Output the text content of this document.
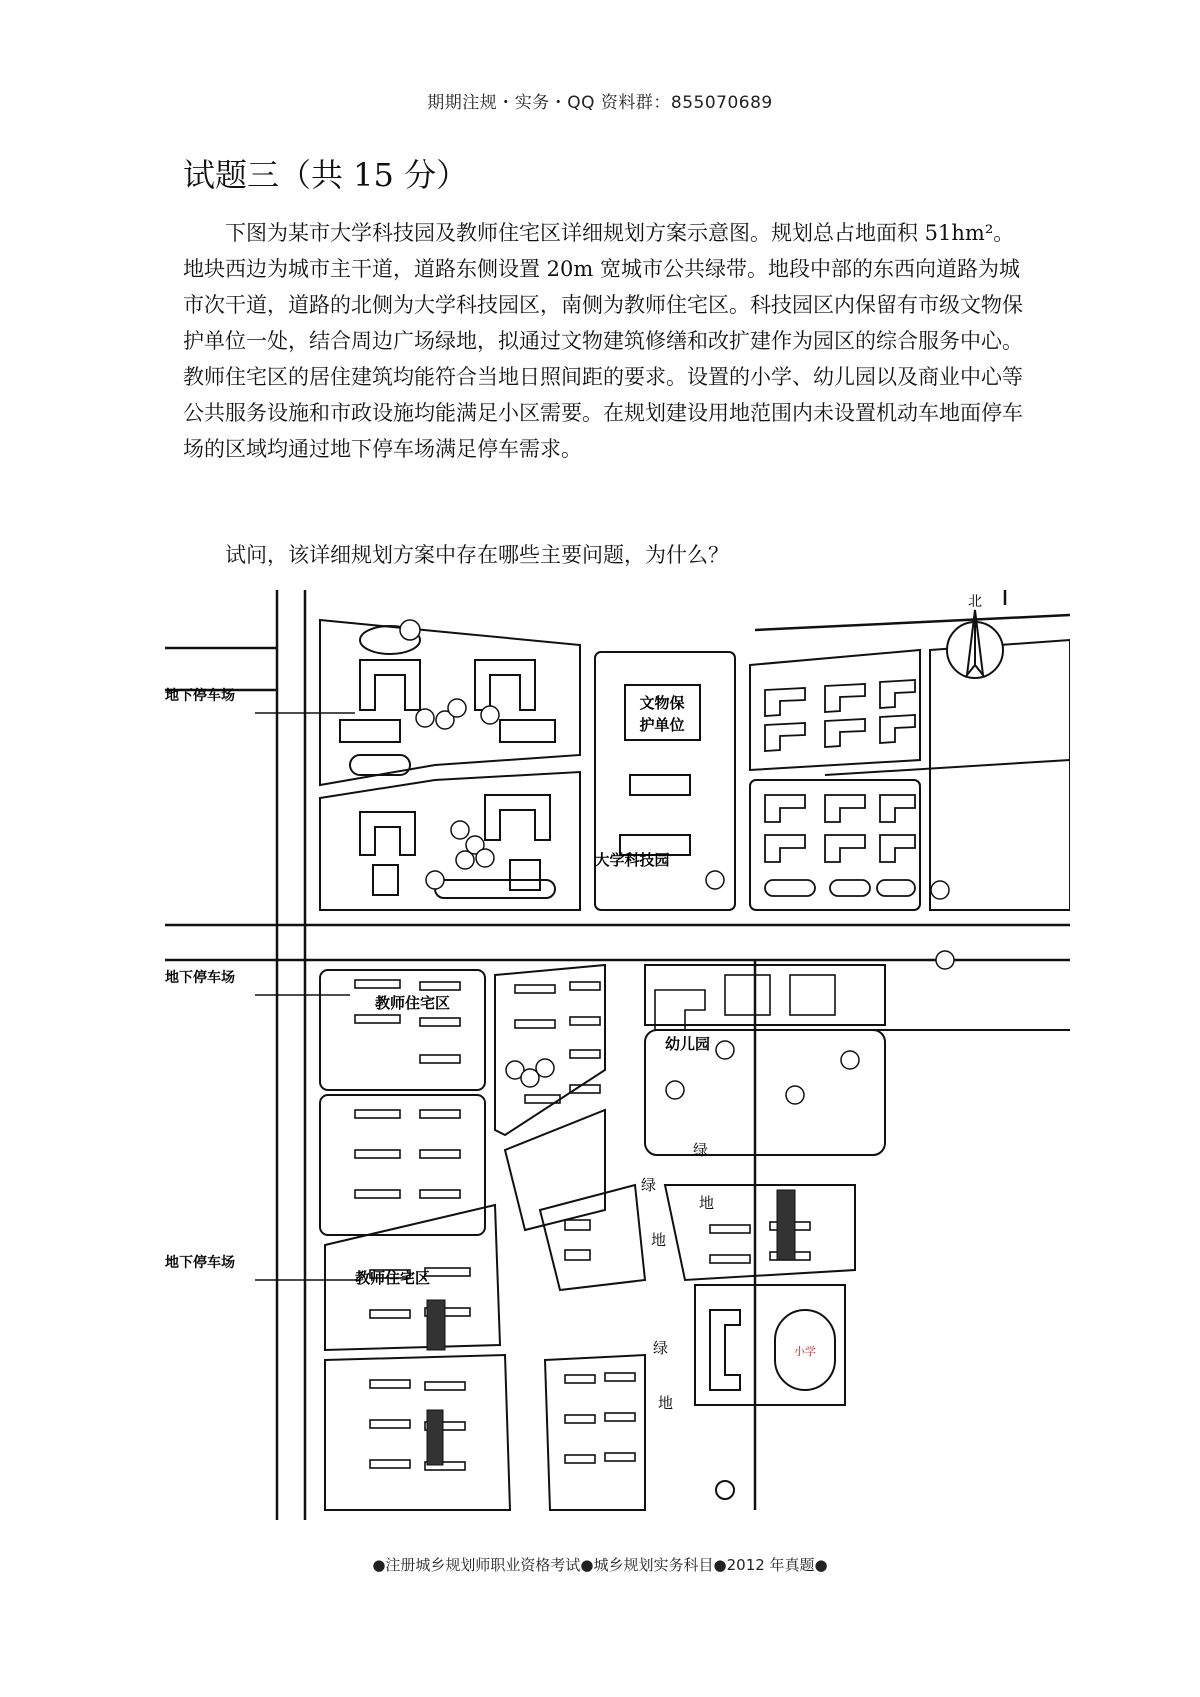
期期注规・实务・QQ 资料群：855070689
试题三（共 15 分）
下图为某市大学科技园及教师住宅区详细规划方案示意图。规划总占地面积 51hm²。地块西边为城市主干道，道路东侧设置 20m 宽城市公共绿带。地段中部的东西向道路为城市次干道，道路的北侧为大学科技园区，南侧为教师住宅区。科技园区内保留有市级文物保护单位一处，结合周边广场绿地，拟通过文物建筑修缮和改扩建作为园区的综合服务中心。教师住宅区的居住建筑均能符合当地日照间距的要求。设置的小学、幼儿园以及商业中心等公共服务设施和市政设施均能满足小区需要。在规划建设用地范围内未设置机动车地面停车场的区域均通过地下停车场满足停车需求。
试问，该详细规划方案中存在哪些主要问题，为什么？
北
文物保
护单位
大学科技园
地下停车场
地下停车场
地下停车场
教师住宅区
教师住宅区
幼儿园
绿
地
绿
地
绿
地
小学
●注册城乡规划师职业资格考试●城乡规划实务科目●2012 年真题●
